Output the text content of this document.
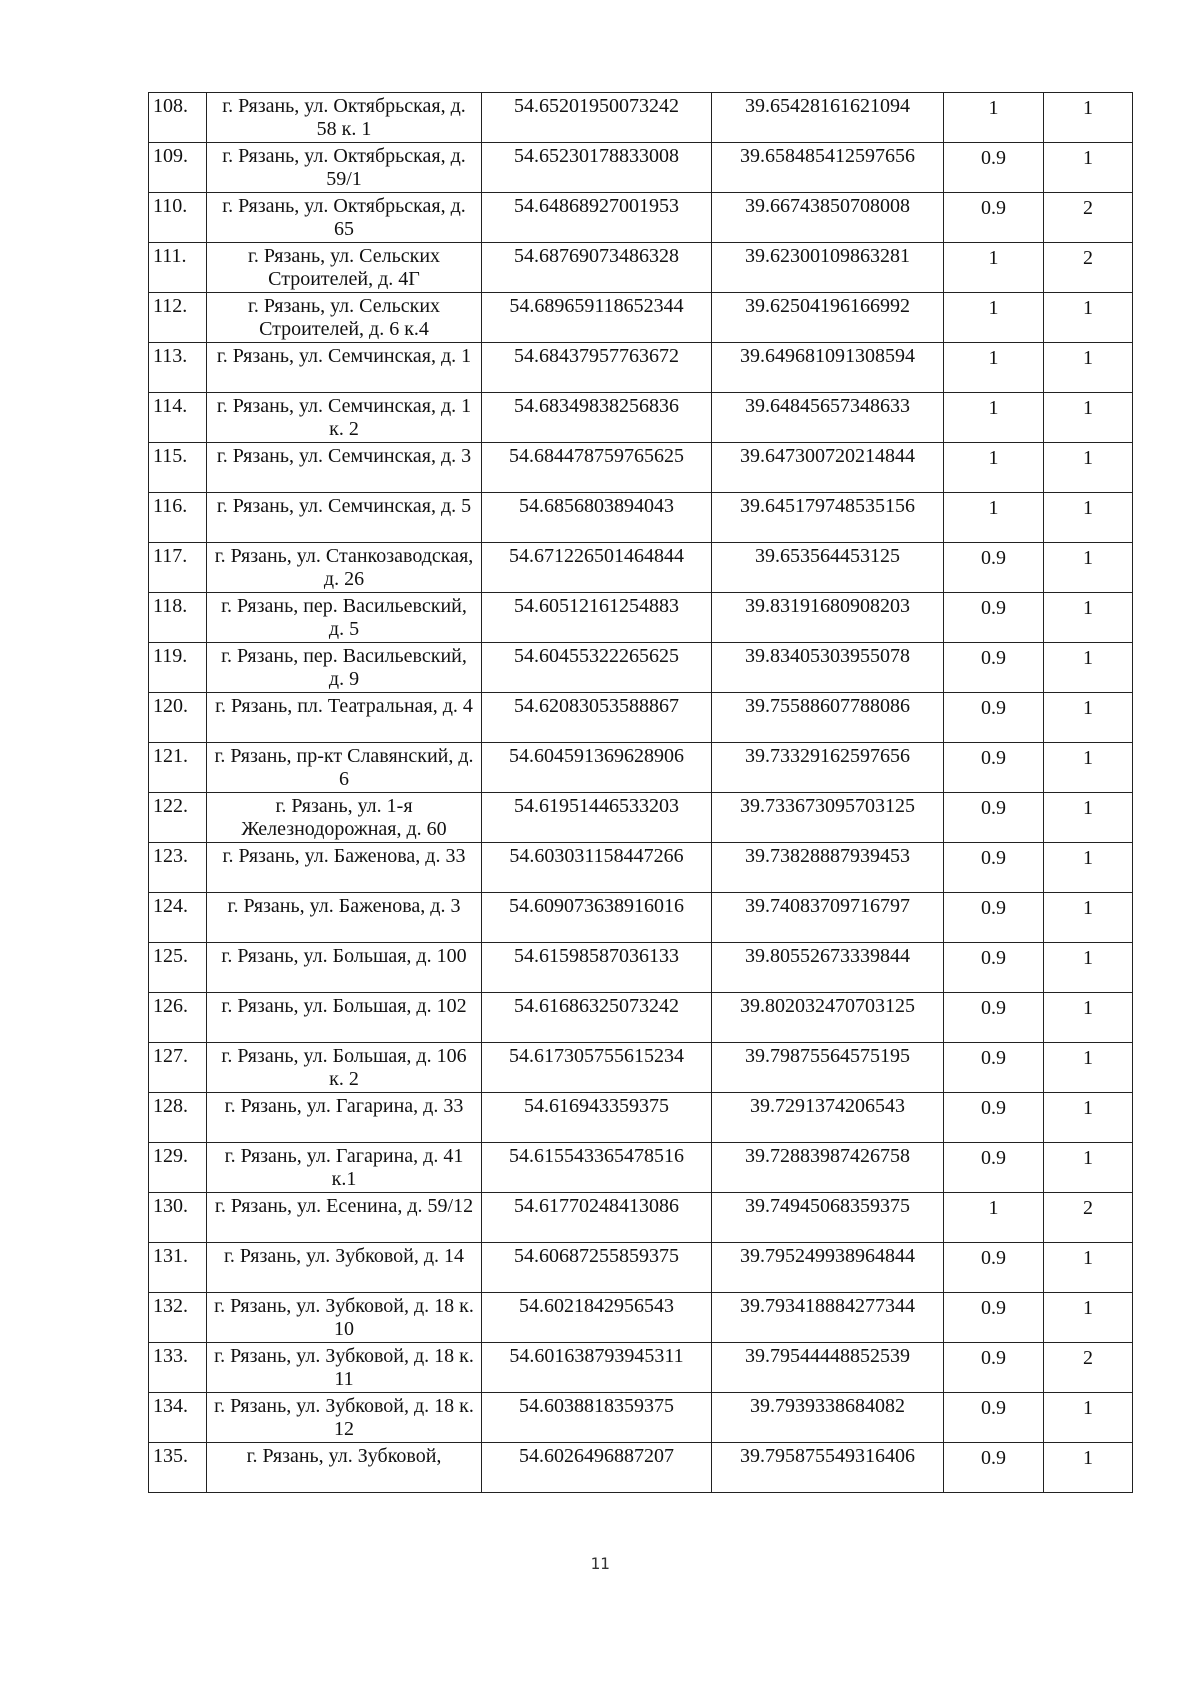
108.	г. Рязань, ул. Октябрьская, д. 58 к. 1	54.65201950073242	39.65428161621094	1	1
109.	г. Рязань, ул. Октябрьская, д. 59/1	54.65230178833008	39.658485412597656	0.9	1
110.	г. Рязань, ул. Октябрьская, д. 65	54.64868927001953	39.66743850708008	0.9	2
111.	г. Рязань, ул. Сельских Строителей, д. 4Г	54.68769073486328	39.62300109863281	1	2
112.	г. Рязань, ул. Сельских Строителей, д. 6 к.4	54.689659118652344	39.62504196166992	1	1
113.	г. Рязань, ул. Семчинская, д. 1	54.68437957763672	39.649681091308594	1	1
114.	г. Рязань, ул. Семчинская, д. 1 к. 2	54.68349838256836	39.64845657348633	1	1
115.	г. Рязань, ул. Семчинская, д. 3	54.684478759765625	39.647300720214844	1	1
116.	г. Рязань, ул. Семчинская, д. 5	54.6856803894043	39.645179748535156	1	1
117.	г. Рязань, ул. Станкозаводская, д. 26	54.671226501464844	39.653564453125	0.9	1
118.	г. Рязань, пер. Васильевский, д. 5	54.60512161254883	39.83191680908203	0.9	1
119.	г. Рязань, пер. Васильевский, д. 9	54.60455322265625	39.83405303955078	0.9	1
120.	г. Рязань, пл. Театральная, д. 4	54.62083053588867	39.75588607788086	0.9	1
121.	г. Рязань, пр-кт Славянский, д. 6	54.604591369628906	39.73329162597656	0.9	1
122.	г. Рязань, ул. 1-я Железнодорожная, д. 60	54.61951446533203	39.733673095703125	0.9	1
123.	г. Рязань, ул. Баженова, д. 33	54.603031158447266	39.73828887939453	0.9	1
124.	г. Рязань, ул. Баженова, д. 3	54.609073638916016	39.74083709716797	0.9	1
125.	г. Рязань, ул. Большая, д. 100	54.61598587036133	39.80552673339844	0.9	1
126.	г. Рязань, ул. Большая, д. 102	54.61686325073242	39.802032470703125	0.9	1
127.	г. Рязань, ул. Большая, д. 106 к. 2	54.617305755615234	39.79875564575195	0.9	1
128.	г. Рязань, ул. Гагарина, д. 33	54.616943359375	39.7291374206543	0.9	1
129.	г. Рязань, ул. Гагарина, д. 41 к.1	54.615543365478516	39.72883987426758	0.9	1
130.	г. Рязань, ул. Есенина, д. 59/12	54.61770248413086	39.74945068359375	1	2
131.	г. Рязань, ул. Зубковой, д. 14	54.60687255859375	39.795249938964844	0.9	1
132.	г. Рязань, ул. Зубковой, д. 18 к. 10	54.6021842956543	39.793418884277344	0.9	1
133.	г. Рязань, ул. Зубковой, д. 18 к. 11	54.601638793945311	39.79544448852539	0.9	2
134.	г. Рязань, ул. Зубковой, д. 18 к. 12	54.6038818359375	39.7939338684082	0.9	1
135.	г. Рязань, ул. Зубковой,	54.6026496887207	39.795875549316406	0.9	1
11
